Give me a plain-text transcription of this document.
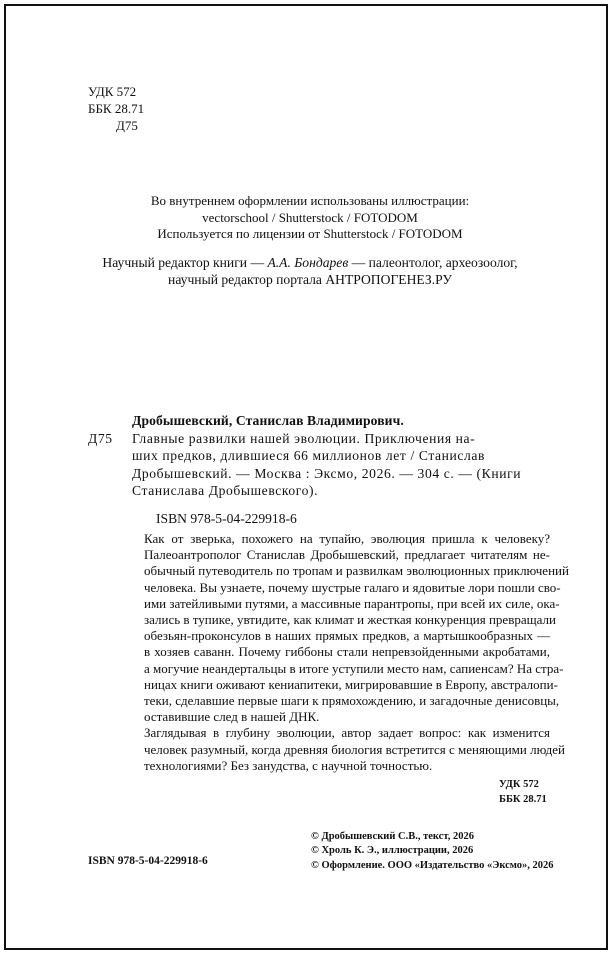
УДК 572
ББК 28.71
Д75
Во внутреннем оформлении использованы иллюстрации:
vectorschool / Shutterstock / FOTODOM
Используется по лицензии от Shutterstock / FOTODOM
Научный редактор книги — А.А. Бондарев — палеонтолог, археозоолог,
научный редактор портала АНТРОПОГЕНЕЗ.РУ
Дробышевский, Станислав Владимирович.
Д75 Главные развилки нашей эволюции. Приключения на-
ших предков, длившиеся 66 миллионов лет / Станислав
Дробышевский. — Москва : Эксмо, 2026. — 304 с. — (Книги
Станислава Дробышевского).
ISBN 978-5-04-229918-6

Как от зверька, похожего на тупайю, эволюция пришла к человеку?
Палеоантрополог Станислав Дробышевский, предлагает читателям не-
обычный путеводитель по тропам и развилкам эволюционных приключений
человека. Вы узнаете, почему шустрые галаго и ядовитые лори пошли сво-
ими затейливыми путями, а массивные парантропы, при всей их силе, ока-
зались в тупике, увтидите, как климат и жесткая конкуренция превращали
обезьян-проконсулов в наших прямых предков, а мартышкообразных —
в хозяев саванн. Почему гиббоны стали непревзойденными акробатами,
а могучие неандертальцы в итоге уступили место нам, сапиенсам? На стра-
ницах книги оживают кениапитеки, мигрировавшие в Европу, австралопи-
теки, сделавшие первые шаги к прямохождению, и загадочные денисовцы,
оставившие след в нашей ДНК.

Заглядывая в глубину эволюции, автор задает вопрос: как изменится
человек разумный, когда древняя биология встретится с меняющими людей
технологиями? Без занудства, с научной точностью.

УДК 572
ББК 28.71
ISBN 978-5-04-229918-6
© Дробышевский С.В., текст, 2026
© Хроль К. Э., иллюстрации, 2026
© Оформление. ООО «Издательство «Эксмо», 2026
